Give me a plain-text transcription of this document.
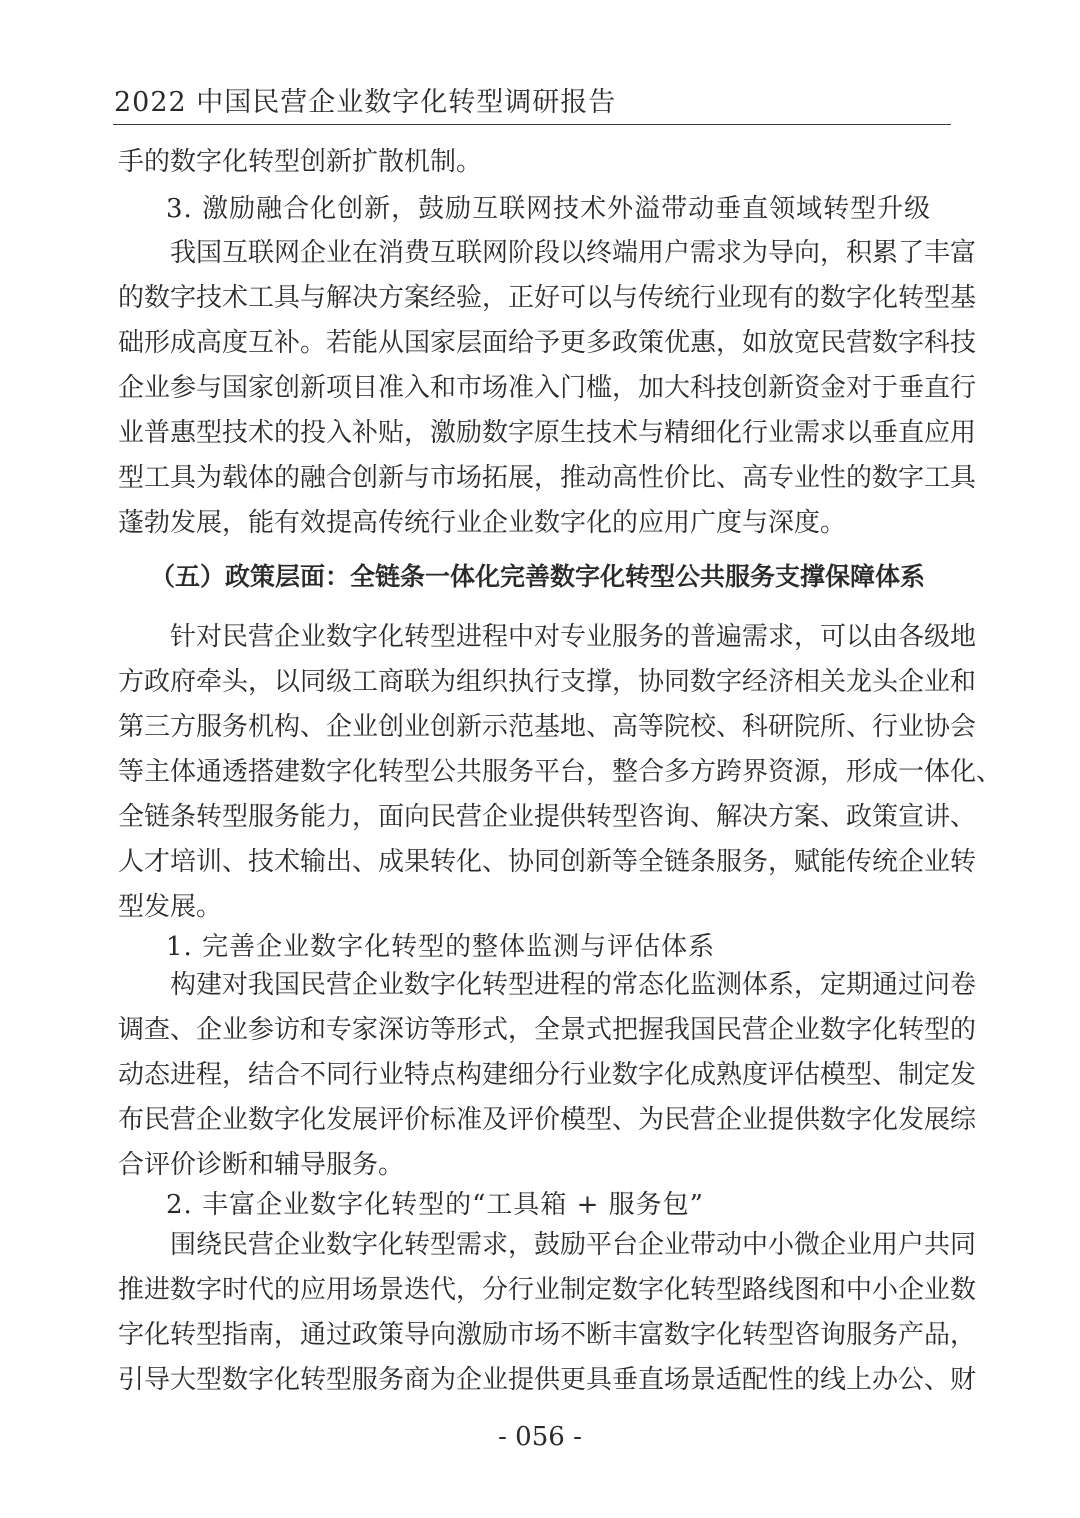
2022 中国民营企业数字化转型调研报告
手的数字化转型创新扩散机制。
3. 激励融合化创新，鼓励互联网技术外溢带动垂直领域转型升级
我国互联网企业在消费互联网阶段以终端用户需求为导向，积累了丰富
的数字技术工具与解决方案经验，正好可以与传统行业现有的数字化转型基
础形成高度互补。若能从国家层面给予更多政策优惠，如放宽民营数字科技
企业参与国家创新项目准入和市场准入门槛，加大科技创新资金对于垂直行
业普惠型技术的投入补贴，激励数字原生技术与精细化行业需求以垂直应用
型工具为载体的融合创新与市场拓展，推动高性价比、高专业性的数字工具
蓬勃发展，能有效提高传统行业企业数字化的应用广度与深度。
（五）政策层面：全链条一体化完善数字化转型公共服务支撑保障体系
针对民营企业数字化转型进程中对专业服务的普遍需求，可以由各级地
方政府牵头，以同级工商联为组织执行支撑，协同数字经济相关龙头企业和
第三方服务机构、企业创业创新示范基地、高等院校、科研院所、行业协会
等主体通透搭建数字化转型公共服务平台，整合多方跨界资源，形成一体化、
全链条转型服务能力，面向民营企业提供转型咨询、解决方案、政策宣讲、
人才培训、技术输出、成果转化、协同创新等全链条服务，赋能传统企业转
型发展。
1. 完善企业数字化转型的整体监测与评估体系
构建对我国民营企业数字化转型进程的常态化监测体系，定期通过问卷
调查、企业参访和专家深访等形式，全景式把握我国民营企业数字化转型的
动态进程，结合不同行业特点构建细分行业数字化成熟度评估模型、制定发
布民营企业数字化发展评价标准及评价模型、为民营企业提供数字化发展综
合评价诊断和辅导服务。
2. 丰富企业数字化转型的“工具箱 + 服务包”
围绕民营企业数字化转型需求，鼓励平台企业带动中小微企业用户共同
推进数字时代的应用场景迭代，分行业制定数字化转型路线图和中小企业数
字化转型指南，通过政策导向激励市场不断丰富数字化转型咨询服务产品，
引导大型数字化转型服务商为企业提供更具垂直场景适配性的线上办公、财
- 056 -
